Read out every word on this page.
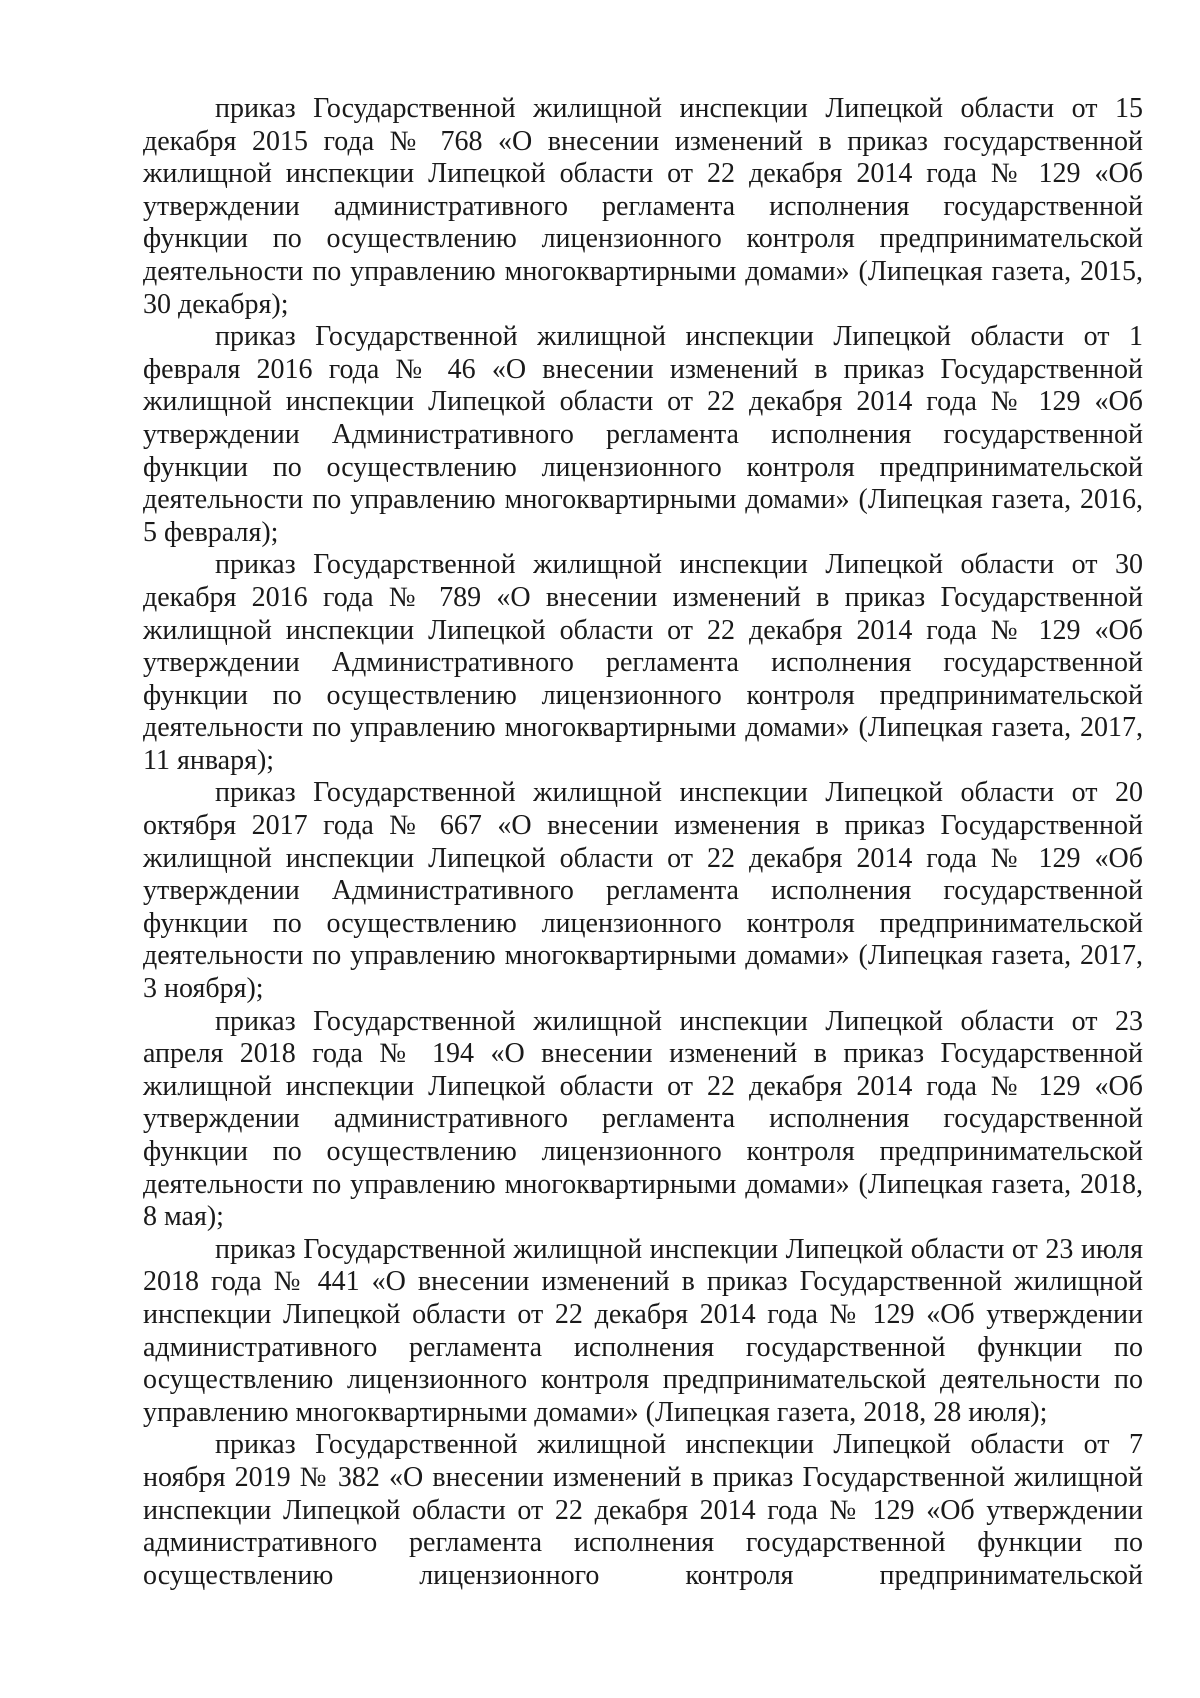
приказ Государственной жилищной инспекции Липецкой области от 15 декабря 2015 года № 768 «О внесении изменений в приказ государственной жилищной инспекции Липецкой области от 22 декабря 2014 года № 129 «Об утверждении административного регламента исполнения государственной функции по осуществлению лицензионного контроля предпринимательской деятельности по управлению многоквартирными домами» (Липецкая газета, 2015, 30 декабря);

приказ Государственной жилищной инспекции Липецкой области от 1 февраля 2016 года № 46 «О внесении изменений в приказ Государственной жилищной инспекции Липецкой области от 22 декабря 2014 года № 129 «Об утверждении Административного регламента исполнения государственной функции по осуществлению лицензионного контроля предпринимательской деятельности по управлению многоквартирными домами» (Липецкая газета, 2016, 5 февраля);

приказ Государственной жилищной инспекции Липецкой области от 30 декабря 2016 года № 789 «О внесении изменений в приказ Государственной жилищной инспекции Липецкой области от 22 декабря 2014 года № 129 «Об утверждении Административного регламента исполнения государственной функции по осуществлению лицензионного контроля предпринимательской деятельности по управлению многоквартирными домами» (Липецкая газета, 2017, 11 января);

приказ Государственной жилищной инспекции Липецкой области от 20 октября 2017 года № 667 «О внесении изменения в приказ Государственной жилищной инспекции Липецкой области от 22 декабря 2014 года № 129 «Об утверждении Административного регламента исполнения государственной функции по осуществлению лицензионного контроля предпринимательской деятельности по управлению многоквартирными домами» (Липецкая газета, 2017, 3 ноября);

приказ Государственной жилищной инспекции Липецкой области от 23 апреля 2018 года № 194 «О внесении изменений в приказ Государственной жилищной инспекции Липецкой области от 22 декабря 2014 года № 129 «Об утверждении административного регламента исполнения государственной функции по осуществлению лицензионного контроля предпринимательской деятельности по управлению многоквартирными домами» (Липецкая газета, 2018, 8 мая);

приказ Государственной жилищной инспекции Липецкой области от 23 июля 2018 года № 441 «О внесении изменений в приказ Государственной жилищной инспекции Липецкой области от 22 декабря 2014 года № 129 «Об утверждении административного регламента исполнения государственной функции по осуществлению лицензионного контроля предпринимательской деятельности по управлению многоквартирными домами» (Липецкая газета, 2018, 28 июля);

приказ Государственной жилищной инспекции Липецкой области от 7 ноября 2019 № 382 «О внесении изменений в приказ Государственной жилищной инспекции Липецкой области от 22 декабря 2014 года № 129 «Об утверждении административного регламента исполнения государственной функции по осуществлению лицензионного контроля предпринимательской
